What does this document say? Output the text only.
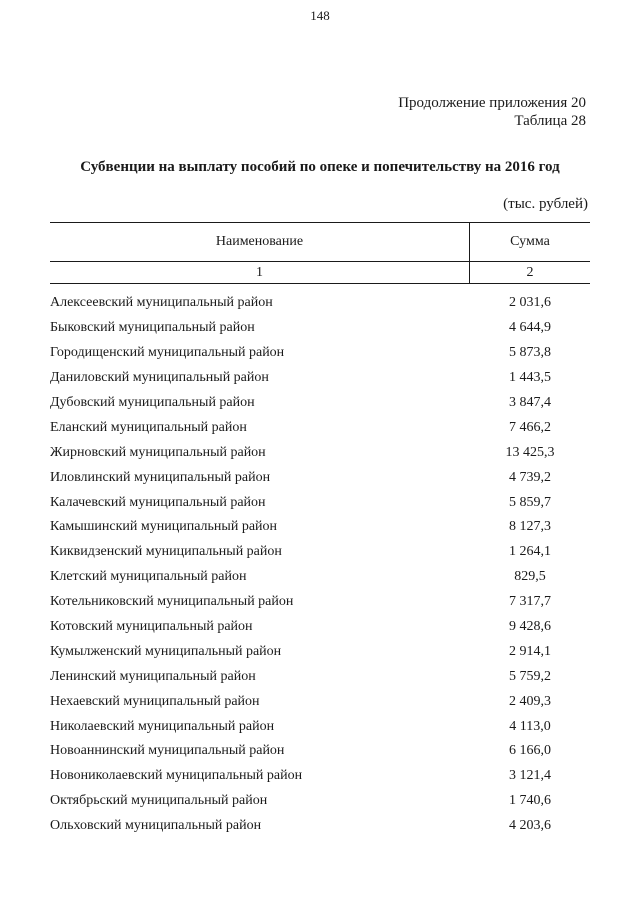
148
Продолжение приложения 20
Таблица 28
Субвенции на выплату пособий по опеке и попечительству на 2016 год
(тыс. рублей)
Наименование	Сумма
1	2
Алексеевский муниципальный район	2 031,6
Быковский муниципальный район	4 644,9
Городищенский муниципальный район	5 873,8
Даниловский муниципальный район	1 443,5
Дубовский муниципальный район	3 847,4
Еланский муниципальный район	7 466,2
Жирновский муниципальный район	13 425,3
Иловлинский муниципальный район	4 739,2
Калачевский муниципальный район	5 859,7
Камышинский муниципальный район	8 127,3
Киквидзенский муниципальный район	1 264,1
Клетский муниципальный район	829,5
Котельниковский муниципальный район	7 317,7
Котовский муниципальный район	9 428,6
Кумылженский муниципальный район	2 914,1
Ленинский муниципальный район	5 759,2
Нехаевский муниципальный район	2 409,3
Николаевский муниципальный район	4 113,0
Новоаннинский муниципальный район	6 166,0
Новониколаевский муниципальный район	3 121,4
Октябрьский муниципальный район	1 740,6
Ольховский муниципальный район	4 203,6
